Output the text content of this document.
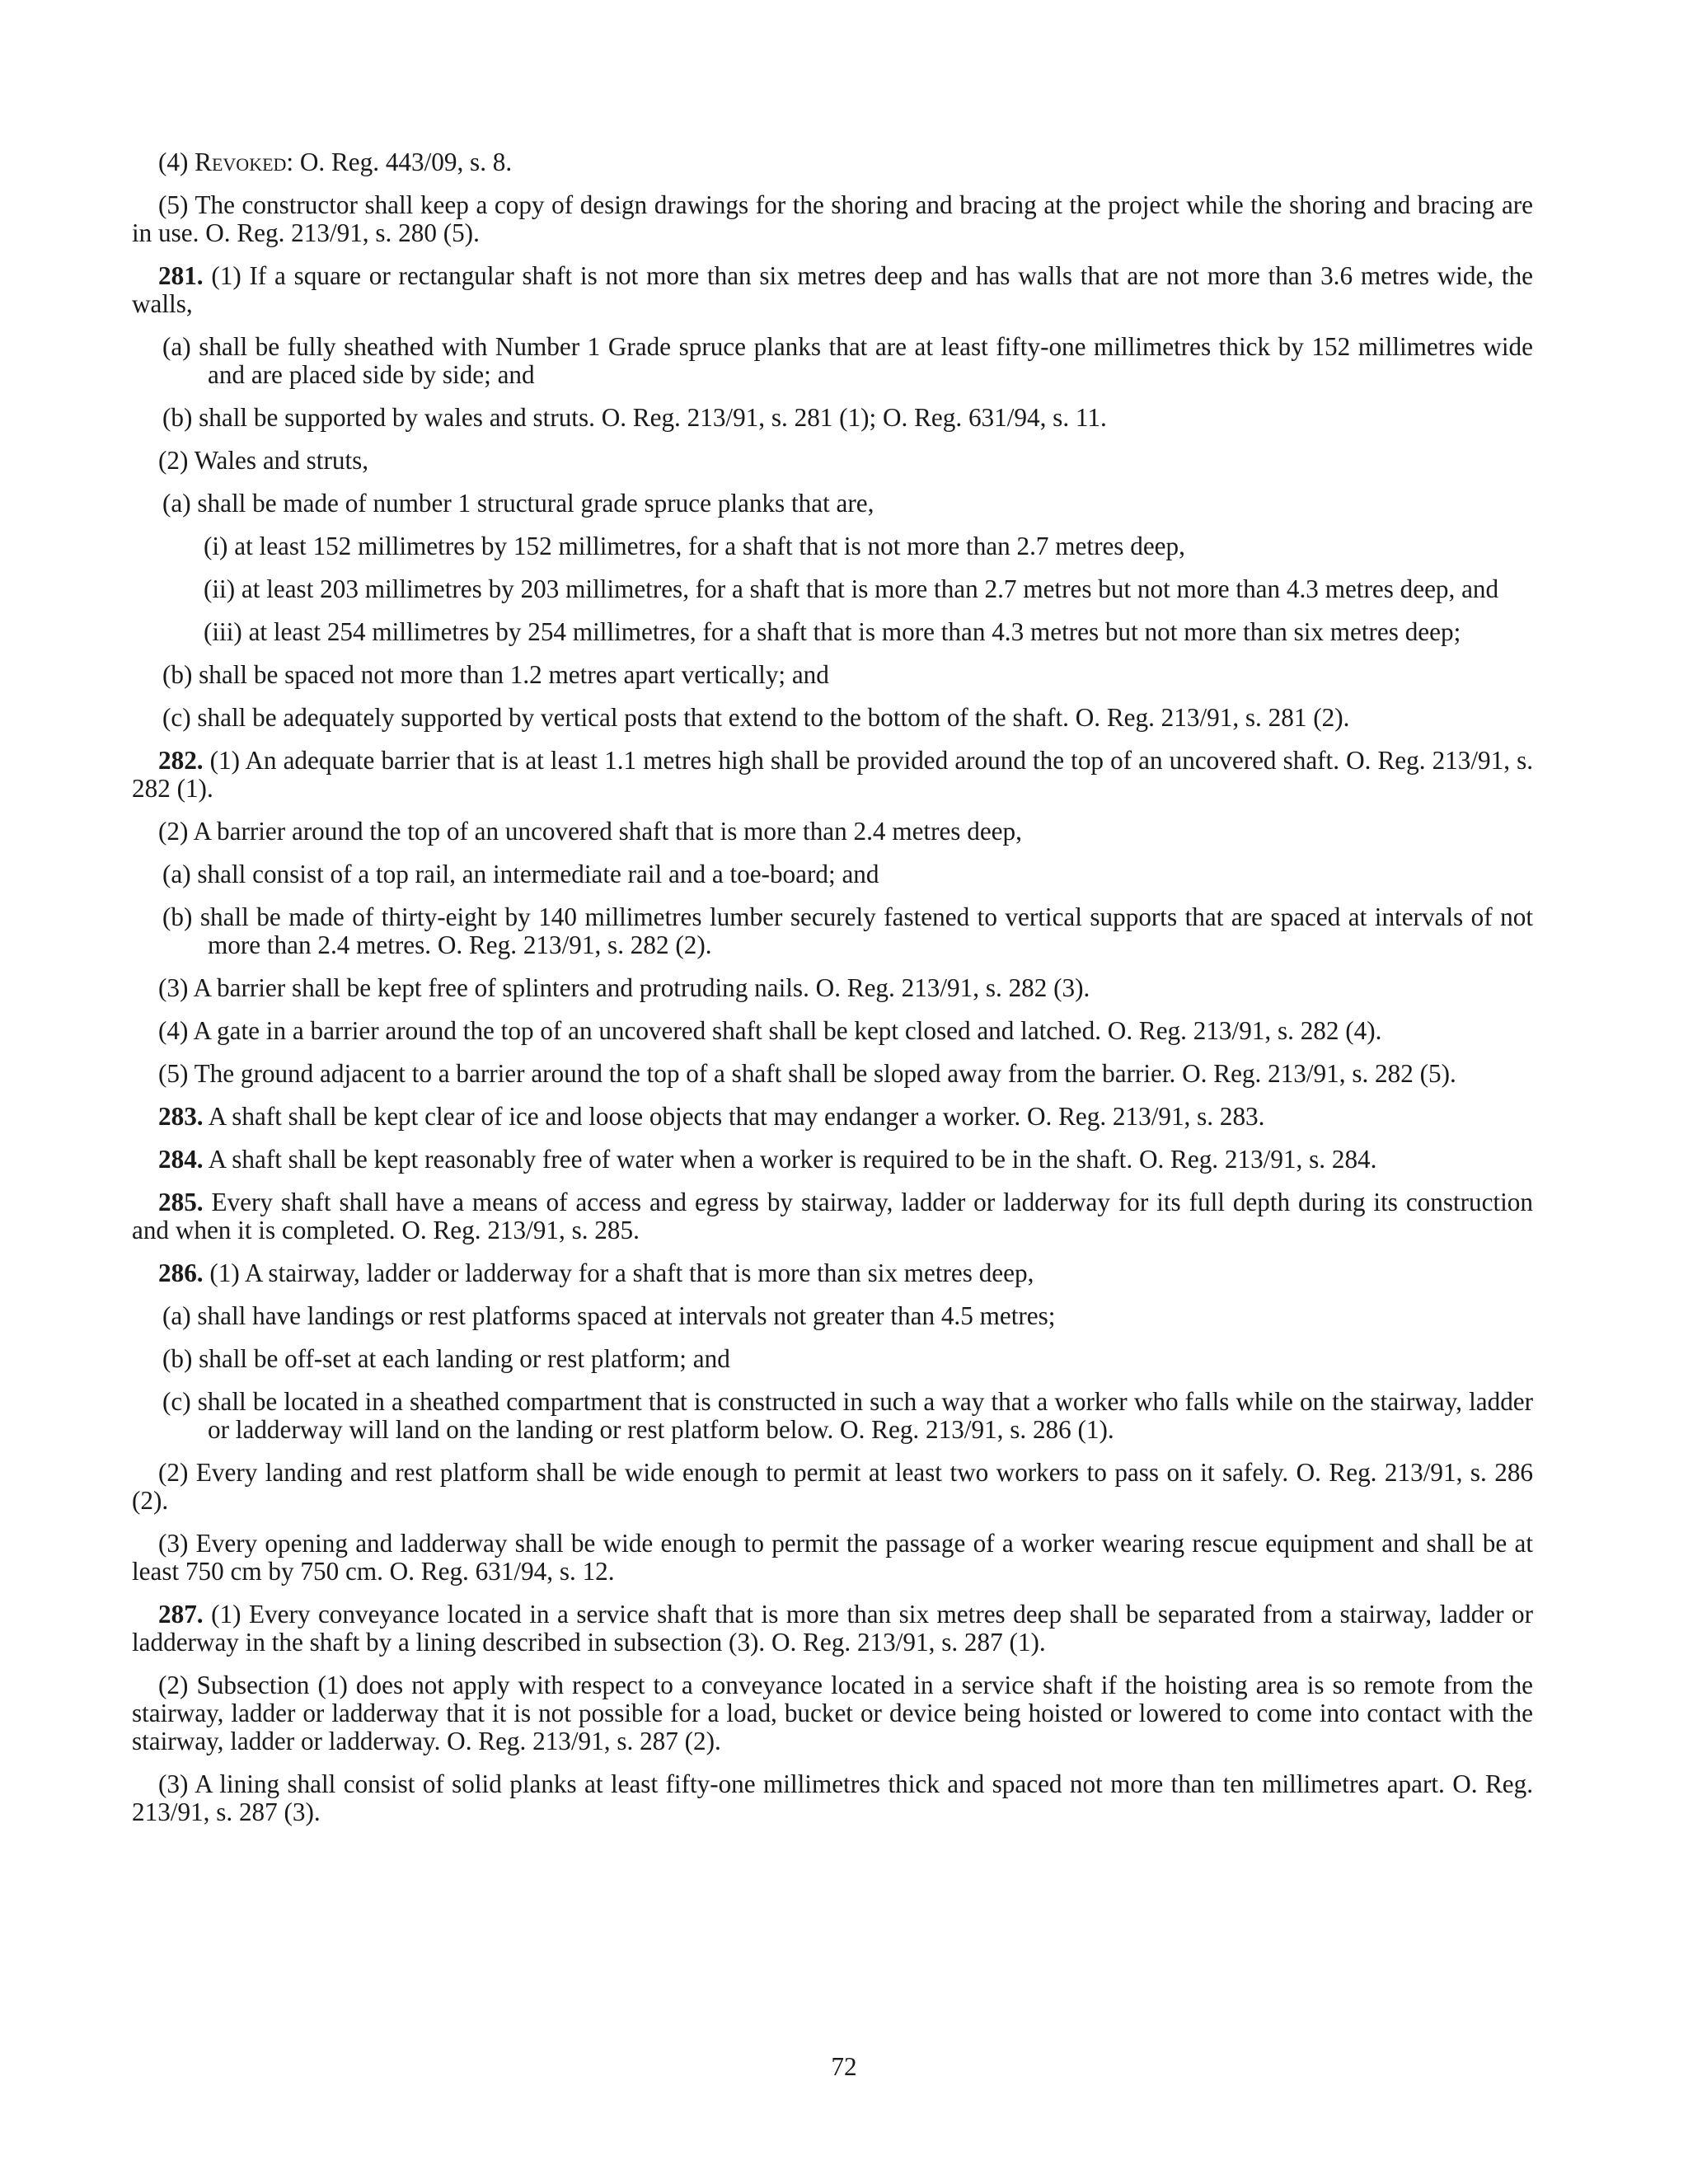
(4) Revoked: O. Reg. 443/09, s. 8.

(5) The constructor shall keep a copy of design drawings for the shoring and bracing at the project while the shoring and bracing are in use. O. Reg. 213/91, s. 280 (5).

281. (1) If a square or rectangular shaft is not more than six metres deep and has walls that are not more than 3.6 metres wide, the walls,

(a) shall be fully sheathed with Number 1 Grade spruce planks that are at least fifty-one millimetres thick by 152 millimetres wide and are placed side by side; and

(b) shall be supported by wales and struts. O. Reg. 213/91, s. 281 (1); O. Reg. 631/94, s. 11.

(2) Wales and struts,

(a) shall be made of number 1 structural grade spruce planks that are,

(i) at least 152 millimetres by 152 millimetres, for a shaft that is not more than 2.7 metres deep,

(ii) at least 203 millimetres by 203 millimetres, for a shaft that is more than 2.7 metres but not more than 4.3 metres deep, and

(iii) at least 254 millimetres by 254 millimetres, for a shaft that is more than 4.3 metres but not more than six metres deep;

(b) shall be spaced not more than 1.2 metres apart vertically; and

(c) shall be adequately supported by vertical posts that extend to the bottom of the shaft. O. Reg. 213/91, s. 281 (2).

282. (1) An adequate barrier that is at least 1.1 metres high shall be provided around the top of an uncovered shaft. O. Reg. 213/91, s. 282 (1).

(2) A barrier around the top of an uncovered shaft that is more than 2.4 metres deep,

(a) shall consist of a top rail, an intermediate rail and a toe-board; and

(b) shall be made of thirty-eight by 140 millimetres lumber securely fastened to vertical supports that are spaced at intervals of not more than 2.4 metres. O. Reg. 213/91, s. 282 (2).

(3) A barrier shall be kept free of splinters and protruding nails. O. Reg. 213/91, s. 282 (3).

(4) A gate in a barrier around the top of an uncovered shaft shall be kept closed and latched. O. Reg. 213/91, s. 282 (4).

(5) The ground adjacent to a barrier around the top of a shaft shall be sloped away from the barrier. O. Reg. 213/91, s. 282 (5).

283. A shaft shall be kept clear of ice and loose objects that may endanger a worker. O. Reg. 213/91, s. 283.

284. A shaft shall be kept reasonably free of water when a worker is required to be in the shaft. O. Reg. 213/91, s. 284.

285. Every shaft shall have a means of access and egress by stairway, ladder or ladderway for its full depth during its construction and when it is completed. O. Reg. 213/91, s. 285.

286. (1) A stairway, ladder or ladderway for a shaft that is more than six metres deep,

(a) shall have landings or rest platforms spaced at intervals not greater than 4.5 metres;

(b) shall be off-set at each landing or rest platform; and

(c) shall be located in a sheathed compartment that is constructed in such a way that a worker who falls while on the stairway, ladder or ladderway will land on the landing or rest platform below. O. Reg. 213/91, s. 286 (1).

(2) Every landing and rest platform shall be wide enough to permit at least two workers to pass on it safely. O. Reg. 213/91, s. 286 (2).

(3) Every opening and ladderway shall be wide enough to permit the passage of a worker wearing rescue equipment and shall be at least 750 cm by 750 cm. O. Reg. 631/94, s. 12.

287. (1) Every conveyance located in a service shaft that is more than six metres deep shall be separated from a stairway, ladder or ladderway in the shaft by a lining described in subsection (3). O. Reg. 213/91, s. 287 (1).

(2) Subsection (1) does not apply with respect to a conveyance located in a service shaft if the hoisting area is so remote from the stairway, ladder or ladderway that it is not possible for a load, bucket or device being hoisted or lowered to come into contact with the stairway, ladder or ladderway. O. Reg. 213/91, s. 287 (2).

(3) A lining shall consist of solid planks at least fifty-one millimetres thick and spaced not more than ten millimetres apart. O. Reg. 213/91, s. 287 (3).

72
